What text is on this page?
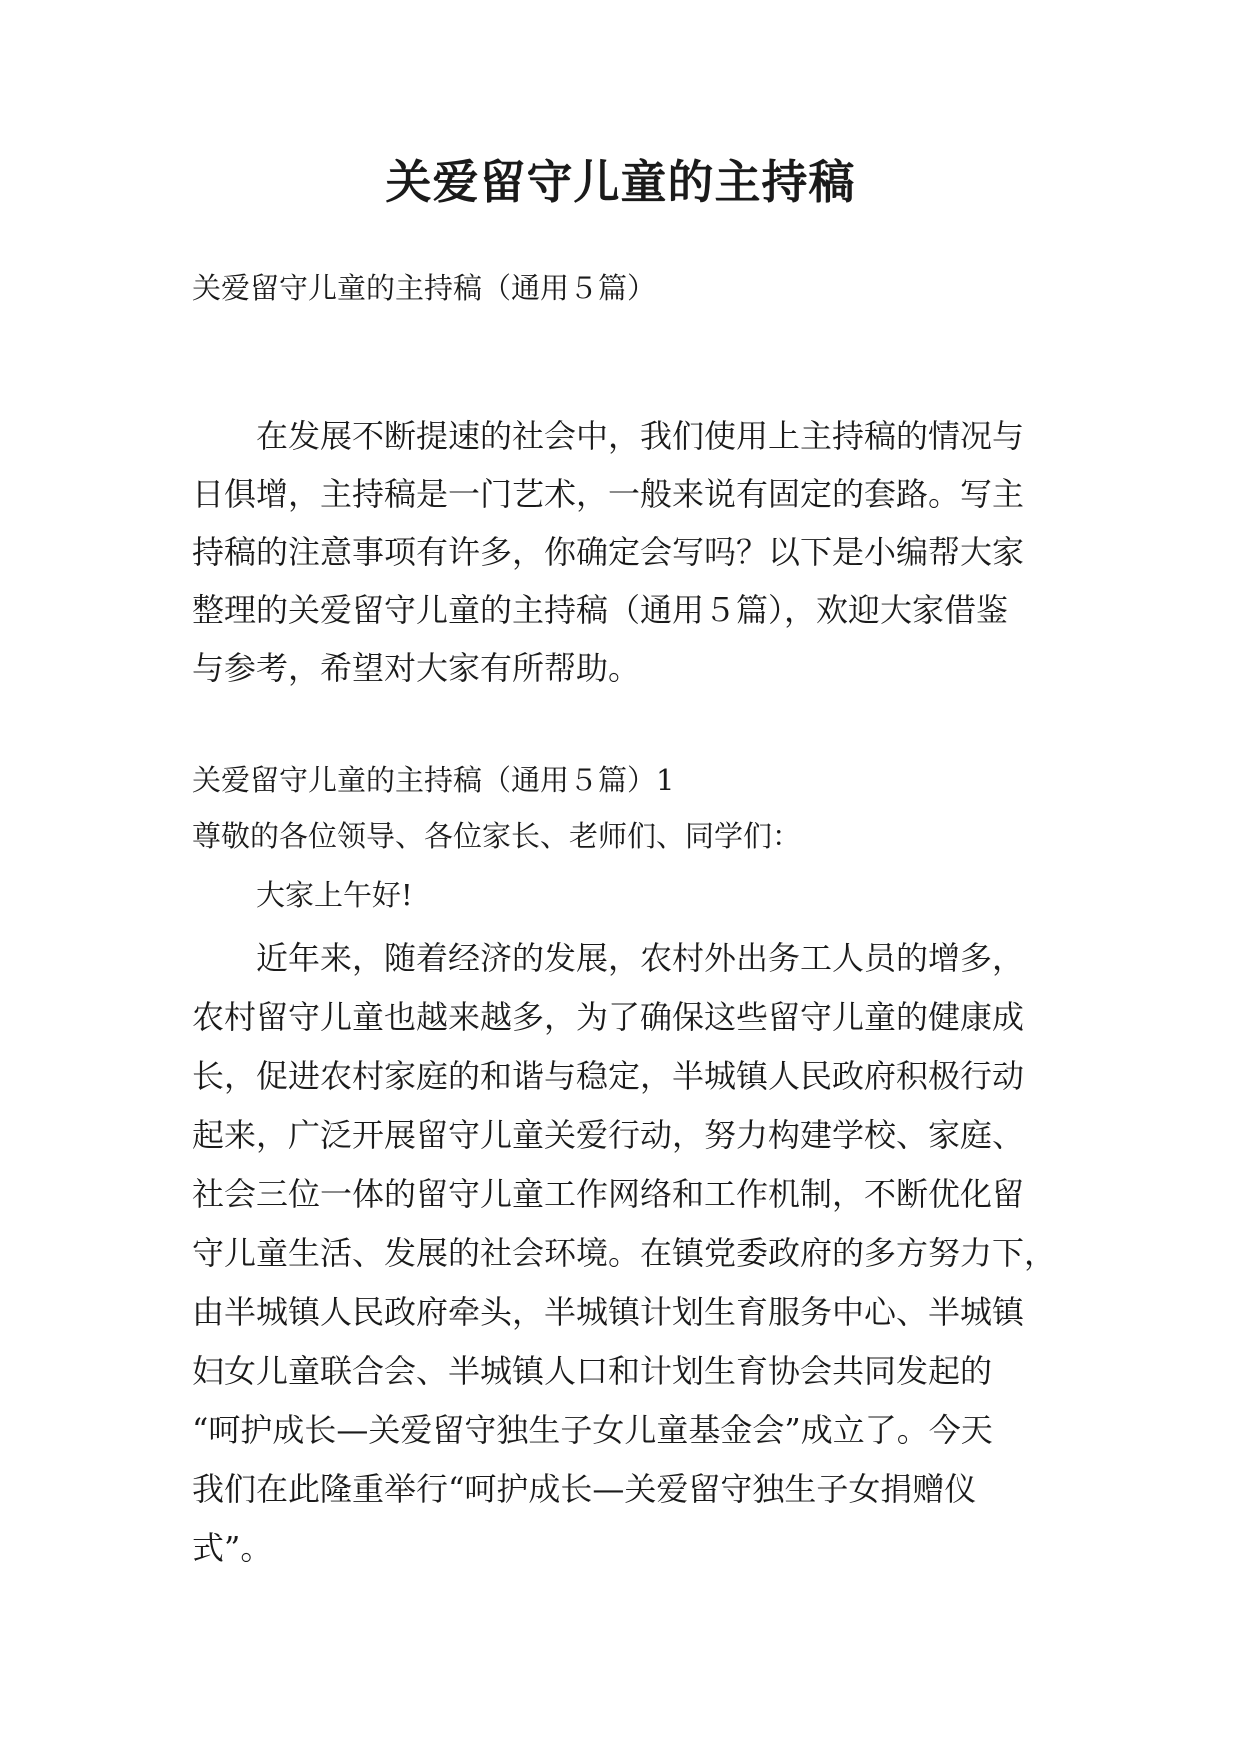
关爱留守儿童的主持稿

关爱留守儿童的主持稿（通用５篇）

在发展不断提速的社会中，我们使用上主持稿的情况与
日俱增，主持稿是一门艺术，一般来说有固定的套路。写主
持稿的注意事项有许多，你确定会写吗？以下是小编帮大家
整理的关爱留守儿童的主持稿（通用５篇），欢迎大家借鉴
与参考，希望对大家有所帮助。

关爱留守儿童的主持稿（通用５篇）1

尊敬的各位领导、各位家长、老师们、同学们：

大家上午好!

近年来，随着经济的发展，农村外出务工人员的增多，
农村留守儿童也越来越多，为了确保这些留守儿童的健康成
长，促进农村家庭的和谐与稳定，半城镇人民政府积极行动
起来，广泛开展留守儿童关爱行动，努力构建学校、家庭、
社会三位一体的留守儿童工作网络和工作机制，不断优化留
守儿童生活、发展的社会环境。在镇党委政府的多方努力下，
由半城镇人民政府牵头，半城镇计划生育服务中心、半城镇
妇女儿童联合会、半城镇人口和计划生育协会共同发起的
“呵护成长—关爱留守独生子女儿童基金会”成立了。今天
我们在此隆重举行“呵护成长—关爱留守独生子女捐赠仪
式”。
